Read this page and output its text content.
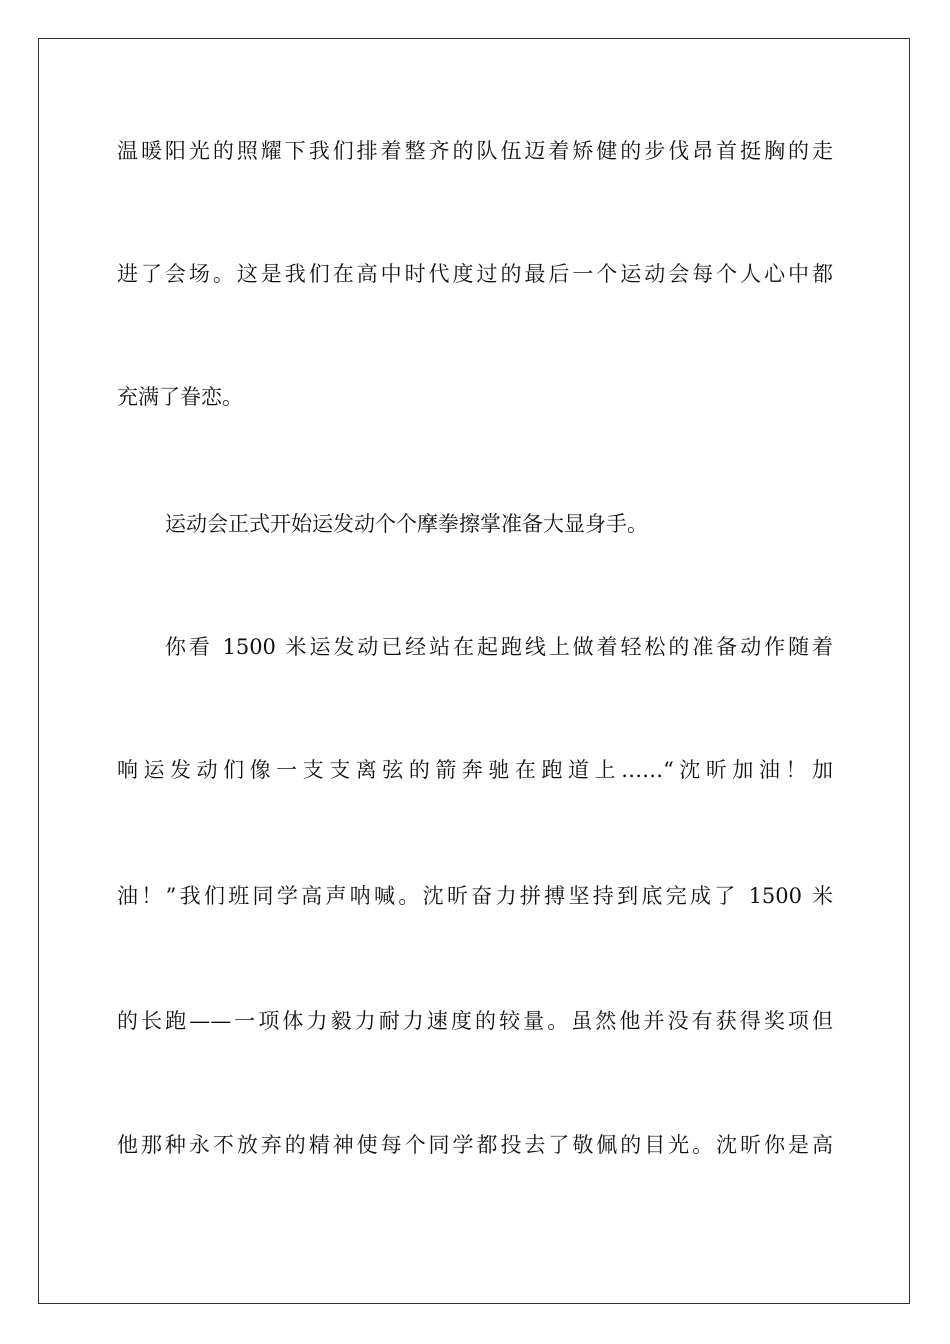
温暖阳光的照耀下我们排着整齐的队伍迈着矫健的步伐昂首挺胸的走
进了会场。这是我们在高中时代度过的最后一个运动会每个人心中都
充满了眷恋。
运动会正式开始运发动个个摩拳擦掌准备大显身手。
你看 1500 米运发动已经站在起跑线上做着轻松的准备动作随着
响运发动们像一支支离弦的箭奔驰在跑道上……“沈昕加油！加
油！”我们班同学高声呐喊。沈昕奋力拼搏坚持到底完成了 1500 米
的长跑——一项体力毅力耐力速度的较量。虽然他并没有获得奖项但
他那种永不放弃的精神使每个同学都投去了敬佩的目光。沈昕你是高
